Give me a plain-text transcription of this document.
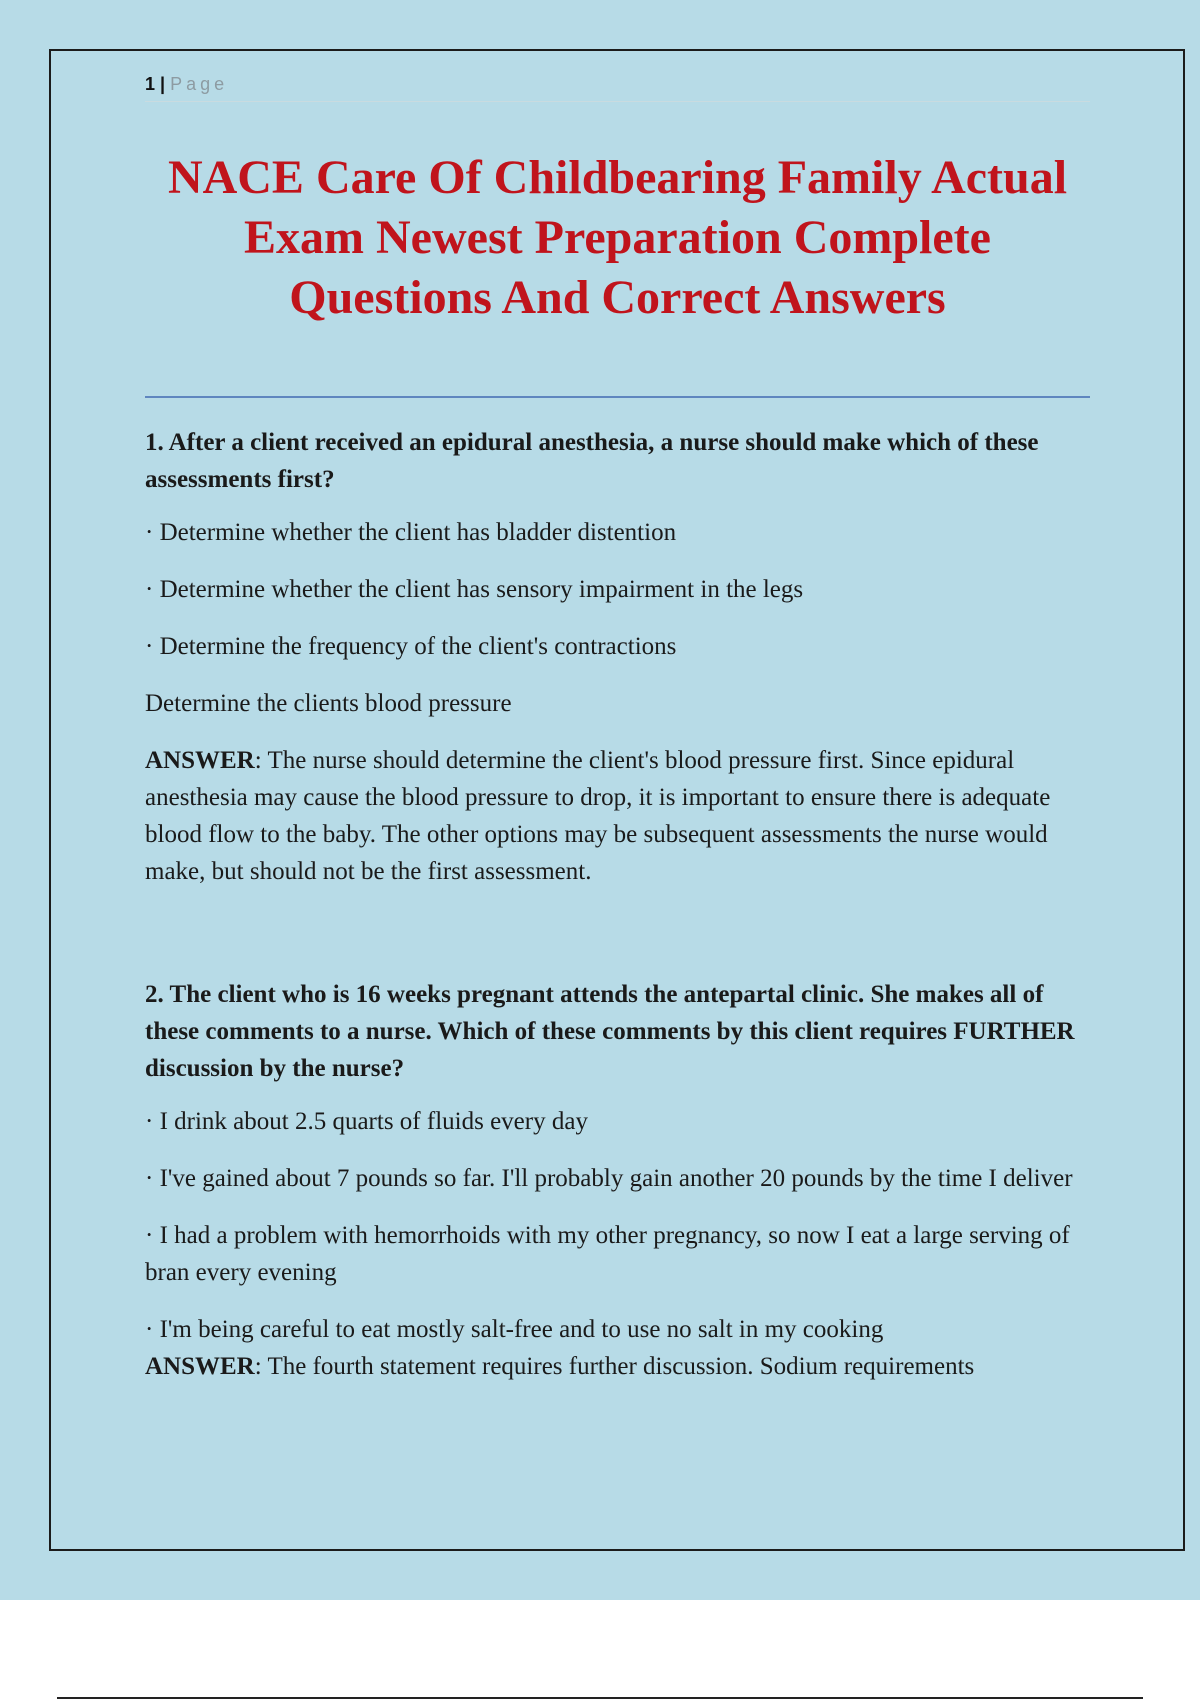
1 | Page
NACE Care Of Childbearing Family Actual Exam Newest Preparation Complete Questions And Correct Answers

1. After a client received an epidural anesthesia, a nurse should make which of these assessments first?

· Determine whether the client has bladder distention

· Determine whether the client has sensory impairment in the legs

· Determine the frequency of the client's contractions

Determine the clients blood pressure

ANSWER: The nurse should determine the client's blood pressure first. Since epidural anesthesia may cause the blood pressure to drop, it is important to ensure there is adequate blood flow to the baby. The other options may be subsequent assessments the nurse would make, but should not be the first assessment.

2. The client who is 16 weeks pregnant attends the antepartal clinic. She makes all of these comments to a nurse. Which of these comments by this client requires FURTHER discussion by the nurse?

· I drink about 2.5 quarts of fluids every day

· I've gained about 7 pounds so far. I'll probably gain another 20 pounds by the time I deliver

· I had a problem with hemorrhoids with my other pregnancy, so now I eat a large serving of bran every evening

· I'm being careful to eat mostly salt-free and to use no salt in my cooking

ANSWER: The fourth statement requires further discussion. Sodium requirements
